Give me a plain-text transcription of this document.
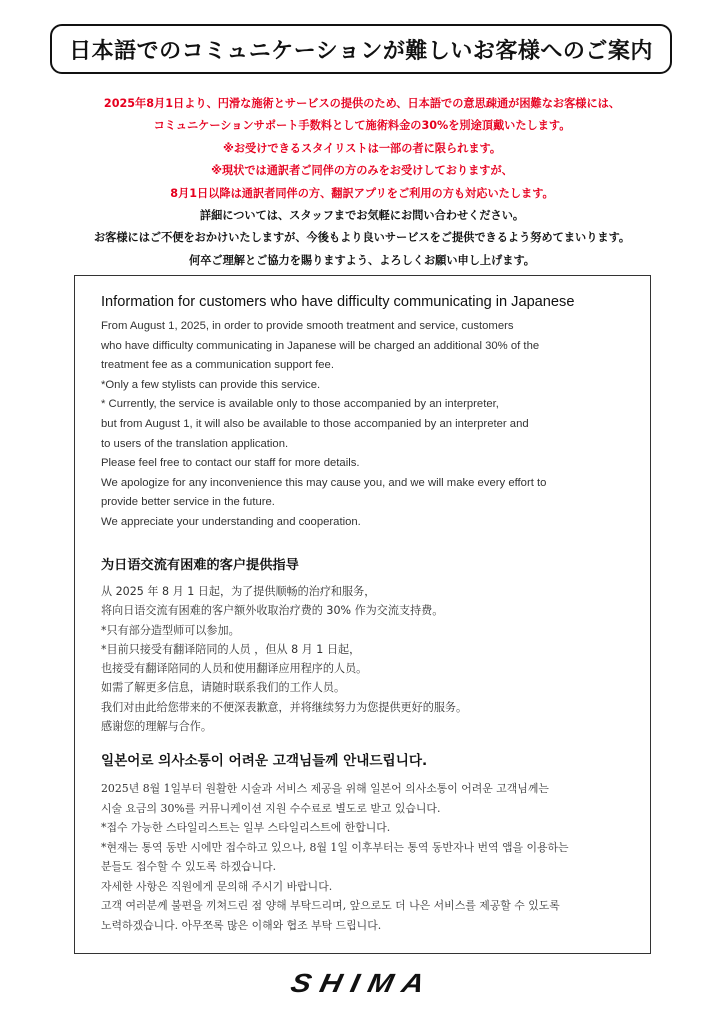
日本語でのコミュニケーションが難しいお客様へのご案内
2025年8月1日より、円滑な施術とサービスの提供のため、日本語での意思疎通が困難なお客様には、
コミュニケーションサポート手数料として施術料金の30%を別途頂戴いたします。
※お受けできるスタイリストは一部の者に限られます。
※現状では通訳者ご同伴の方のみをお受けしておりますが、
8月1日以降は通訳者同伴の方、翻訳アプリをご利用の方も対応いたします。
詳細については、スタッフまでお気軽にお問い合わせください。
お客様にはご不便をおかけいたしますが、今後もより良いサービスをご提供できるよう努めてまいります。
何卒ご理解とご協力を賜りますよう、よろしくお願い申し上げます。
Information for customers who have difficulty communicating in Japanese

From August 1, 2025, in order to provide smooth treatment and service, customers

who have difficulty communicating in Japanese will be charged an additional 30% of the

treatment fee as a communication support fee.

*Only a few stylists can provide this service.

* Currently, the service is available only to those accompanied by an interpreter,

but from August 1, it will also be available to those accompanied by an interpreter and

to users of the translation application.

Please feel free to contact our staff for more details.

We apologize for any inconvenience this may cause you, and we will make every effort to

provide better service in the future.

We appreciate your understanding and cooperation.

为日语交流有困难的客户提供指导

从 2025 年 8 月 1 日起，为了提供顺畅的治疗和服务，

将向日语交流有困难的客户额外收取治疗费的 30% 作为交流支持费。

*只有部分造型师可以参加。

*目前只接受有翻译陪同的人员 ，但从 8 月 1 日起，

也接受有翻译陪同的人员和使用翻译应用程序的人员。

如需了解更多信息，请随时联系我们的工作人员。

我们对由此给您带来的不便深表歉意，并将继续努力为您提供更好的服务。

感谢您的理解与合作。

일본어로 의사소통이 어려운 고객님들께 안내드립니다.

2025년 8월 1일부터 원활한 시술과 서비스 제공을 위해 일본어 의사소통이 어려운 고객님께는

시술 요금의 30%를 커뮤니케이션 지원 수수료로 별도로 받고 있습니다.

*접수 가능한 스타일리스트는 일부 스타일리스트에 한합니다.

*현재는 통역 동반 시에만 접수하고 있으나, 8월 1일 이후부터는 통역 동반자나 번역 앱을 이용하는

분들도 접수할 수 있도록 하겠습니다.

자세한 사항은 직원에게 문의해 주시기 바랍니다.

고객 여러분께 불편을 끼쳐드린 점 양해 부탁드리며, 앞으로도 더 나은 서비스를 제공할 수 있도록

노력하겠습니다. 아무쪼록 많은 이해와 협조 부탁 드립니다.

SHIMA
